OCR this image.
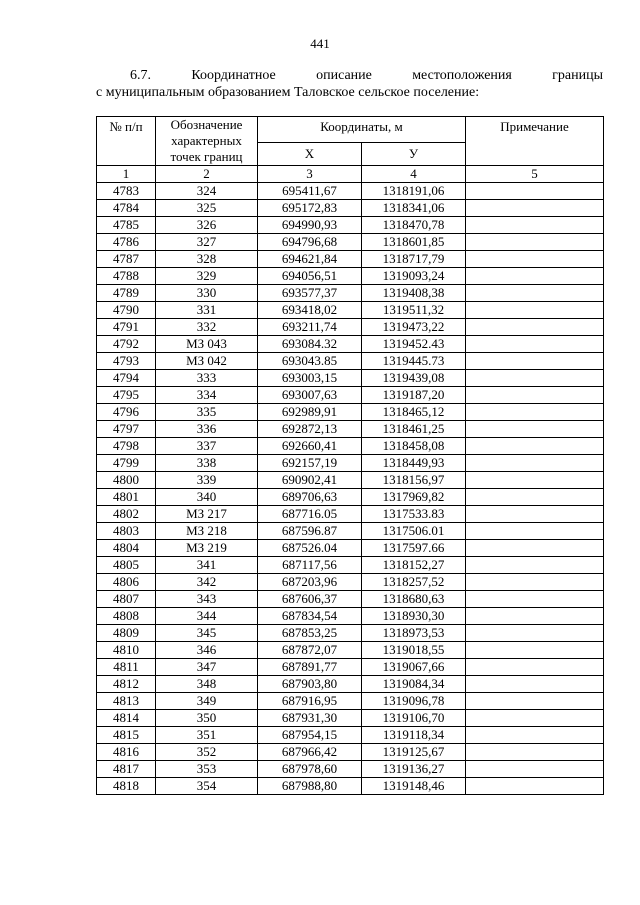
441
6.7.	Координатное	описание	местоположения	границы
с муниципальным образованием Таловское сельское поселение:
№ п/п	Обозначение
характерных
точек границ	Координаты, м		Примечание
		Х	У	
1	2	3	4	5
4783	324	695411,67	1318191,06	
4784	325	695172,83	1318341,06	
4785	326	694990,93	1318470,78	
4786	327	694796,68	1318601,85	
4787	328	694621,84	1318717,79	
4788	329	694056,51	1319093,24	
4789	330	693577,37	1319408,38	
4790	331	693418,02	1319511,32	
4791	332	693211,74	1319473,22	
4792	МЗ 043	693084.32	1319452.43	
4793	МЗ 042	693043.85	1319445.73	
4794	333	693003,15	1319439,08	
4795	334	693007,63	1319187,20	
4796	335	692989,91	1318465,12	
4797	336	692872,13	1318461,25	
4798	337	692660,41	1318458,08	
4799	338	692157,19	1318449,93	
4800	339	690902,41	1318156,97	
4801	340	689706,63	1317969,82	
4802	МЗ 217	687716.05	1317533.83	
4803	МЗ 218	687596.87	1317506.01	
4804	МЗ 219	687526.04	1317597.66	
4805	341	687117,56	1318152,27	
4806	342	687203,96	1318257,52	
4807	343	687606,37	1318680,63	
4808	344	687834,54	1318930,30	
4809	345	687853,25	1318973,53	
4810	346	687872,07	1319018,55	
4811	347	687891,77	1319067,66	
4812	348	687903,80	1319084,34	
4813	349	687916,95	1319096,78	
4814	350	687931,30	1319106,70	
4815	351	687954,15	1319118,34	
4816	352	687966,42	1319125,67	
4817	353	687978,60	1319136,27	
4818	354	687988,80	1319148,46	
